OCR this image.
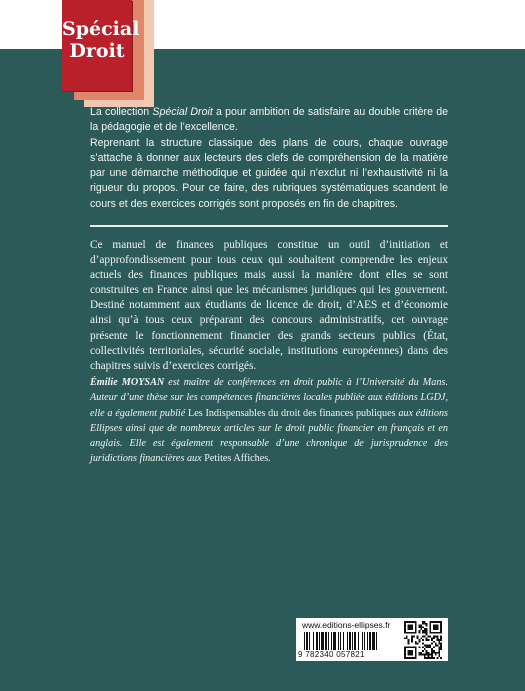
Spécial
Droit

La collection Spécial Droit a pour ambition de satisfaire au double critère de la pédagogie et de l’excellence.

Reprenant la structure classique des plans de cours, chaque ouvrage s’attache à donner aux lecteurs des clefs de compréhension de la matière par une démarche méthodique et guidée qui n’exclut ni l’exhaustivité ni la rigueur du propos. Pour ce faire, des rubriques systématiques scandent le cours et des exercices corrigés sont proposés en fin de chapitres.

Ce manuel de finances publiques constitue un outil d’initiation et d’approfondissement pour tous ceux qui souhaitent comprendre les enjeux actuels des finances publiques mais aussi la manière dont elles se sont construites en France ainsi que les mécanismes juridiques qui les gouvernent. Destiné notamment aux étudiants de licence de droit, d’AES et d’économie ainsi qu’à tous ceux préparant des concours administratifs, cet ouvrage présente le fonctionnement financier des grands secteurs publics (État, collectivités territoriales, sécurité sociale, institutions européennes) dans des chapitres suivis d’exercices corrigés.

Émilie MOYSAN est maître de conférences en droit public à l’Université du Mans. Auteur d’une thèse sur les compétences financières locales publiée aux éditions LGDJ, elle a également publié Les Indispensables du droit des finances publiques aux éditions Ellipses ainsi que de nombreux articles sur le droit public financier en français et en anglais. Elle est également responsable d’une chronique de jurisprudence des juridictions financières aux Petites Affiches.

www.editions-ellipses.fr
9 782340 057821
